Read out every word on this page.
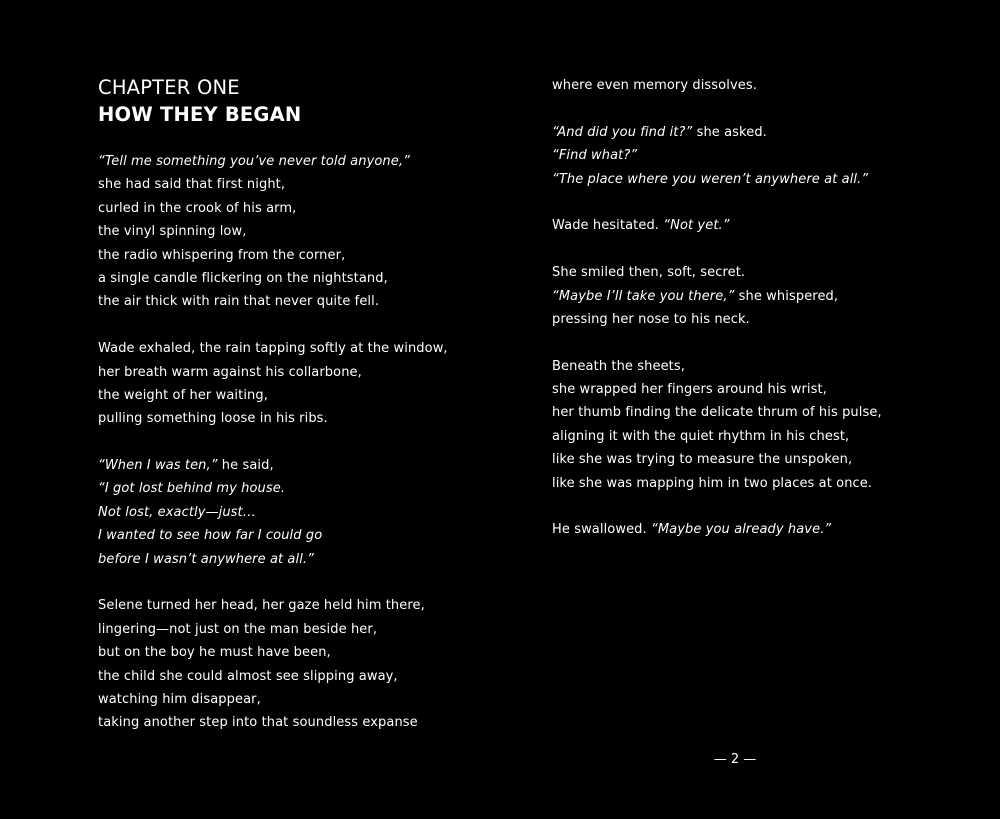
CHAPTER ONE
HOW THEY BEGAN
“Tell me something you’ve never told anyone,”
she had said that first night,
curled in the crook of his arm,
the vinyl spinning low,
the radio whispering from the corner,
a single candle flickering on the nightstand,
the air thick with rain that never quite fell.
Wade exhaled, the rain tapping softly at the window,
her breath warm against his collarbone,
the weight of her waiting,
pulling something loose in his ribs.
“When I was ten,” he said,
“I got lost behind my house.
Not lost, exactly—just…
I wanted to see how far I could go
before I wasn’t anywhere at all.”
Selene turned her head, her gaze held him there,
lingering—not just on the man beside her,
but on the boy he must have been,
the child she could almost see slipping away,
watching him disappear,
taking another step into that soundless expanse
where even memory dissolves.
“And did you find it?” she asked.
“Find what?”
“The place where you weren’t anywhere at all.”
Wade hesitated. “Not yet.”
She smiled then, soft, secret.
“Maybe I’ll take you there,” she whispered,
pressing her nose to his neck.
Beneath the sheets,
she wrapped her fingers around his wrist,
her thumb finding the delicate thrum of his pulse,
aligning it with the quiet rhythm in his chest,
like she was trying to measure the unspoken,
like she was mapping him in two places at once.
He swallowed. “Maybe you already have.”
— 2 —
